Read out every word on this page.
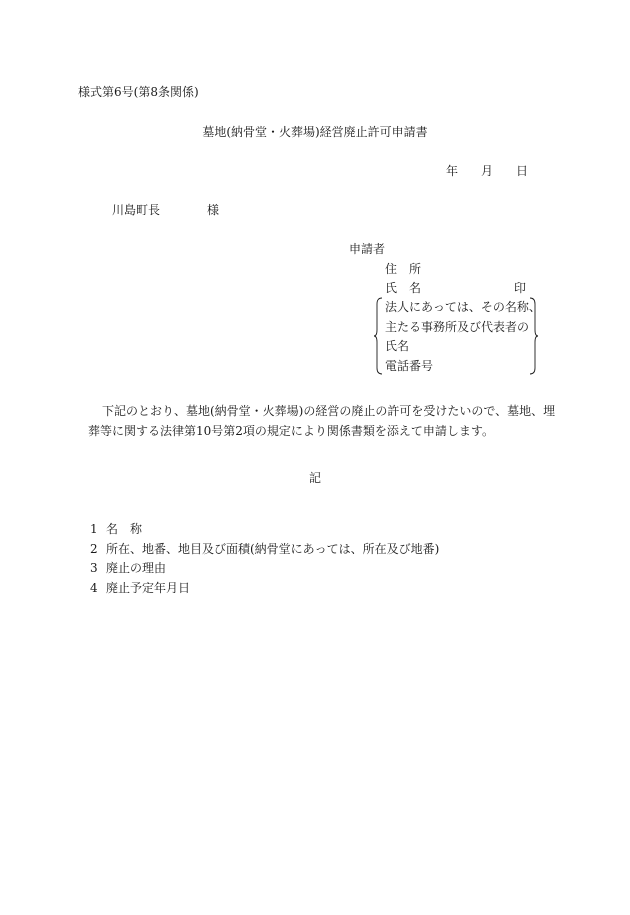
様式第6号(第8条関係)
墓地(納骨堂・火葬場)経営廃止許可申請書
年 月 日
川島町長	様
申請者
住　所
氏　名	印
法人にあっては、その名称、
主たる事務所及び代表者の
氏名
電話番号
下記のとおり、墓地(納骨堂・火葬場)の経営の廃止の許可を受けたいので、墓地、埋葬等に関する法律第10号第2項の規定により関係書類を添えて申請します。
記
1 名　称
2 所在、地番、地目及び面積(納骨堂にあっては、所在及び地番)
3 廃止の理由
4 廃止予定年月日
